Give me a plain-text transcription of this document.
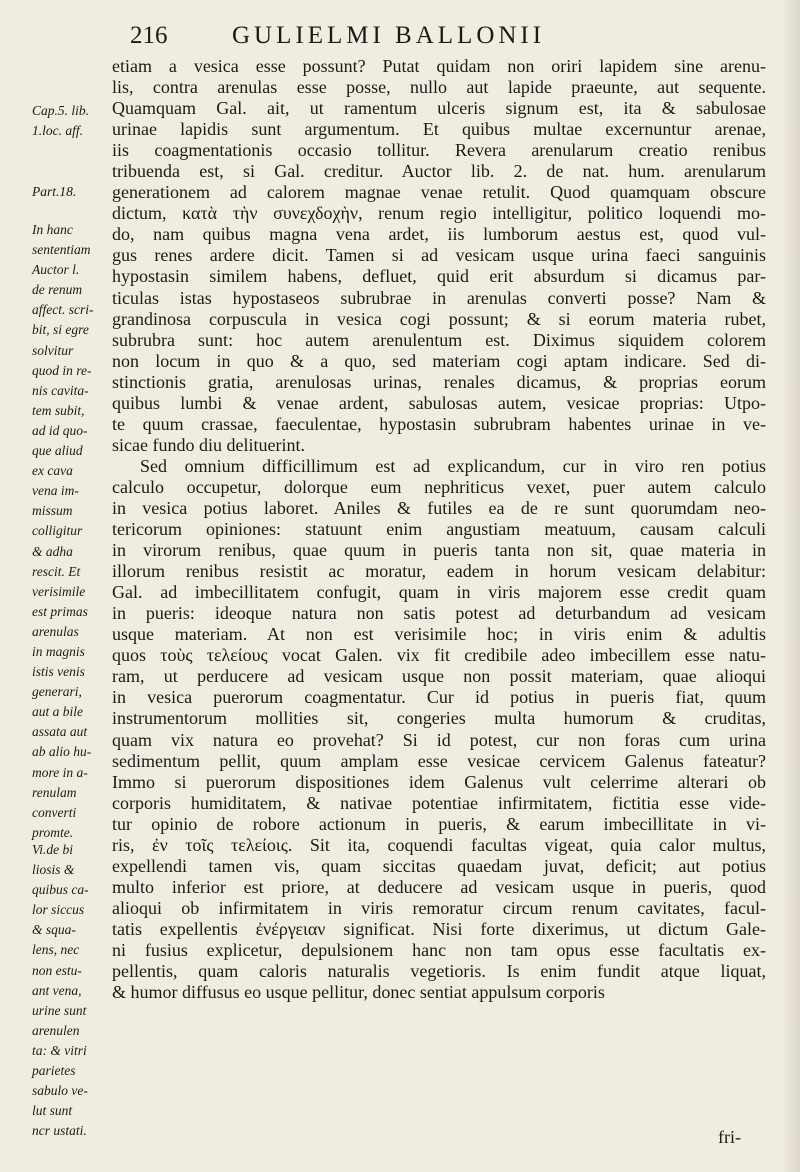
216	GULIELMI BALLONII
Cap.5. lib.
1.loc. aff.
Part.18.
In hanc
sententiam
Auctor l.
de renum
affect. scri-
bit, si egre
solvitur
quod in re-
nis cavita-
tem subit,
ad id quo-
que aliud
ex cava
vena im-
missum
colligitur
& adha
rescit. Et
verisimile
est primas
arenulas
in magnis
istis venis
generari,
aut a bile
assata aut
ab alio hu-
more in a-
renulam
converti
promte.
Vi.de bi
liosis &
quibus ca-
lor siccus
& squa-
lens, nec
non estu-
ant vena,
urine sunt
arenulen
ta: & vitri
parietes
sabulo ve-
lut sunt
ncr ustati.
etiam a vesica esse possunt? Putat quidam non oriri lapidem sine arenu-
lis, contra arenulas esse posse, nullo aut lapide praeunte, aut sequente.
Quamquam Gal. ait, ut ramentum ulceris signum est, ita & sabulosae
urinae lapidis sunt argumentum. Et quibus multae excernuntur arenae,
iis coagmentationis occasio tollitur. Revera arenularum creatio renibus
tribuenda est, si Gal. creditur. Auctor lib. 2. de nat. hum. arenularum
generationem ad calorem magnae venae retulit. Quod quamquam obscure
dictum, κατὰ τὴν συνεχδοχὴν, renum regio intelligitur, politico loquendi mo-
do, nam quibus magna vena ardet, iis lumborum aestus est, quod vul-
gus renes ardere dicit. Tamen si ad vesicam usque urina faeci sanguinis
hypostasin similem habens, defluet, quid erit absurdum si dicamus par-
ticulas istas hypostaseos subrubrae in arenulas converti posse? Nam &
grandinosa corpuscula in vesica cogi possunt; & si eorum materia rubet,
subrubra sunt: hoc autem arenulentum est. Diximus siquidem colorem
non locum in quo & a quo, sed materiam cogi aptam indicare. Sed di-
stinctionis gratia, arenulosas urinas, renales dicamus, & proprias eorum
quibus lumbi & venae ardent, sabulosas autem, vesicae proprias: Utpo-
te quum crassae, faeculentae, hypostasin subrubram habentes urinae in ve-
sicae fundo diu delituerint.
Sed omnium difficillimum est ad explicandum, cur in viro ren potius
calculo occupetur, dolorque eum nephriticus vexet, puer autem calculo
in vesica potius laboret. Aniles & futiles ea de re sunt quorumdam neo-
tericorum opiniones: statuunt enim angustiam meatuum, causam calculi
in virorum renibus, quae quum in pueris tanta non sit, quae materia in
illorum renibus resistit ac moratur, eadem in horum vesicam delabitur:
Gal. ad imbecillitatem confugit, quam in viris majorem esse credit quam
in pueris: ideoque natura non satis potest ad deturbandum ad vesicam
usque materiam. At non est verisimile hoc; in viris enim & adultis
quos τοὺς τελείους vocat Galen. vix fit credibile adeo imbecillem esse natu-
ram, ut perducere ad vesicam usque non possit materiam, quae alioqui
in vesica puerorum coagmentatur. Cur id potius in pueris fiat, quum
instrumentorum mollities sit, congeries multa humorum & cruditas,
quam vix natura eo provehat? Si id potest, cur non foras cum urina
sedimentum pellit, quum amplam esse vesicae cervicem Galenus fateatur?
Immo si puerorum dispositiones idem Galenus vult celerrime alterari ob
corporis humiditatem, & nativae potentiae infirmitatem, fictitia esse vide-
tur opinio de robore actionum in pueris, & earum imbecillitate in vi-
ris, ἐν τοῖς τελείοις. Sit ita, coquendi facultas vigeat, quia calor multus,
expellendi tamen vis, quam siccitas quaedam juvat, deficit; aut potius
multo inferior est priore, at deducere ad vesicam usque in pueris, quod
alioqui ob infirmitatem in viris remoratur circum renum cavitates, facul-
tatis expellentis ἐνέργειαν significat. Nisi forte dixerimus, ut dictum Gale-
ni fusius explicetur, depulsionem hanc non tam opus esse facultatis ex-
pellentis, quam caloris naturalis vegetioris. Is enim fundit atque liquat,
& humor diffusus eo usque pellitur, donec sentiat appulsum corporis
fri-
